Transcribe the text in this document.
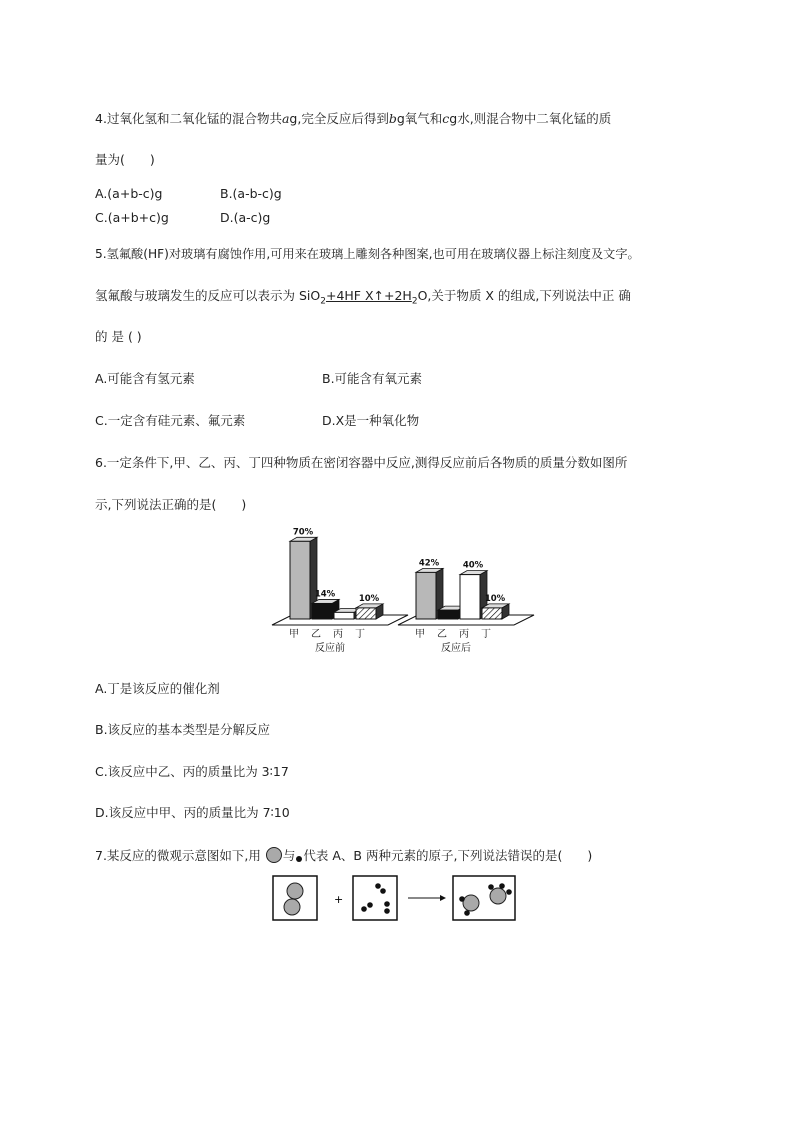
4.过氧化氢和二氧化锰的混合物共ag,完全反应后得到bg氧气和cg水,则混合物中二氧化锰的质
量为(　　)
A.(a+b-c)g	B.(a-b-c)g
C.(a+b+c)g	D.(a-c)g
5.氢氟酸(HF)对玻璃有腐蚀作用,可用来在玻璃上雕刻各种图案,也可用在玻璃仪器上标注刻度及文字。
氢氟酸与玻璃发生的反应可以表示为 SiO$_2$+4HF $X↑+2H_2O$,关于物质 X 的组成,下列说法中正 确
的 是 ( )
A.可能含有氢元素	B.可能含有氧元素
C.一定含有硅元素、氟元素	D.X是一种氧化物
6.一定条件下,甲、乙、丙、丁四种物质在密闭容器中反应,测得反应前后各物质的质量分数如图所
示,下列说法正确的是(　　)
70%
甲
14%
乙 丙
10%
丁
反应前
42%
甲 乙
40%
丙
10%
丁
反应后
A.丁是该反应的催化剂
B.该反应的基本类型是分解反应
C.该反应中乙、丙的质量比为 3∶17
D.该反应中甲、丙的质量比为 7∶10
7.某反应的微观示意图如下,用 与 代表 A、B 两种元素的原子,下列说法错误的是(　　)
+
